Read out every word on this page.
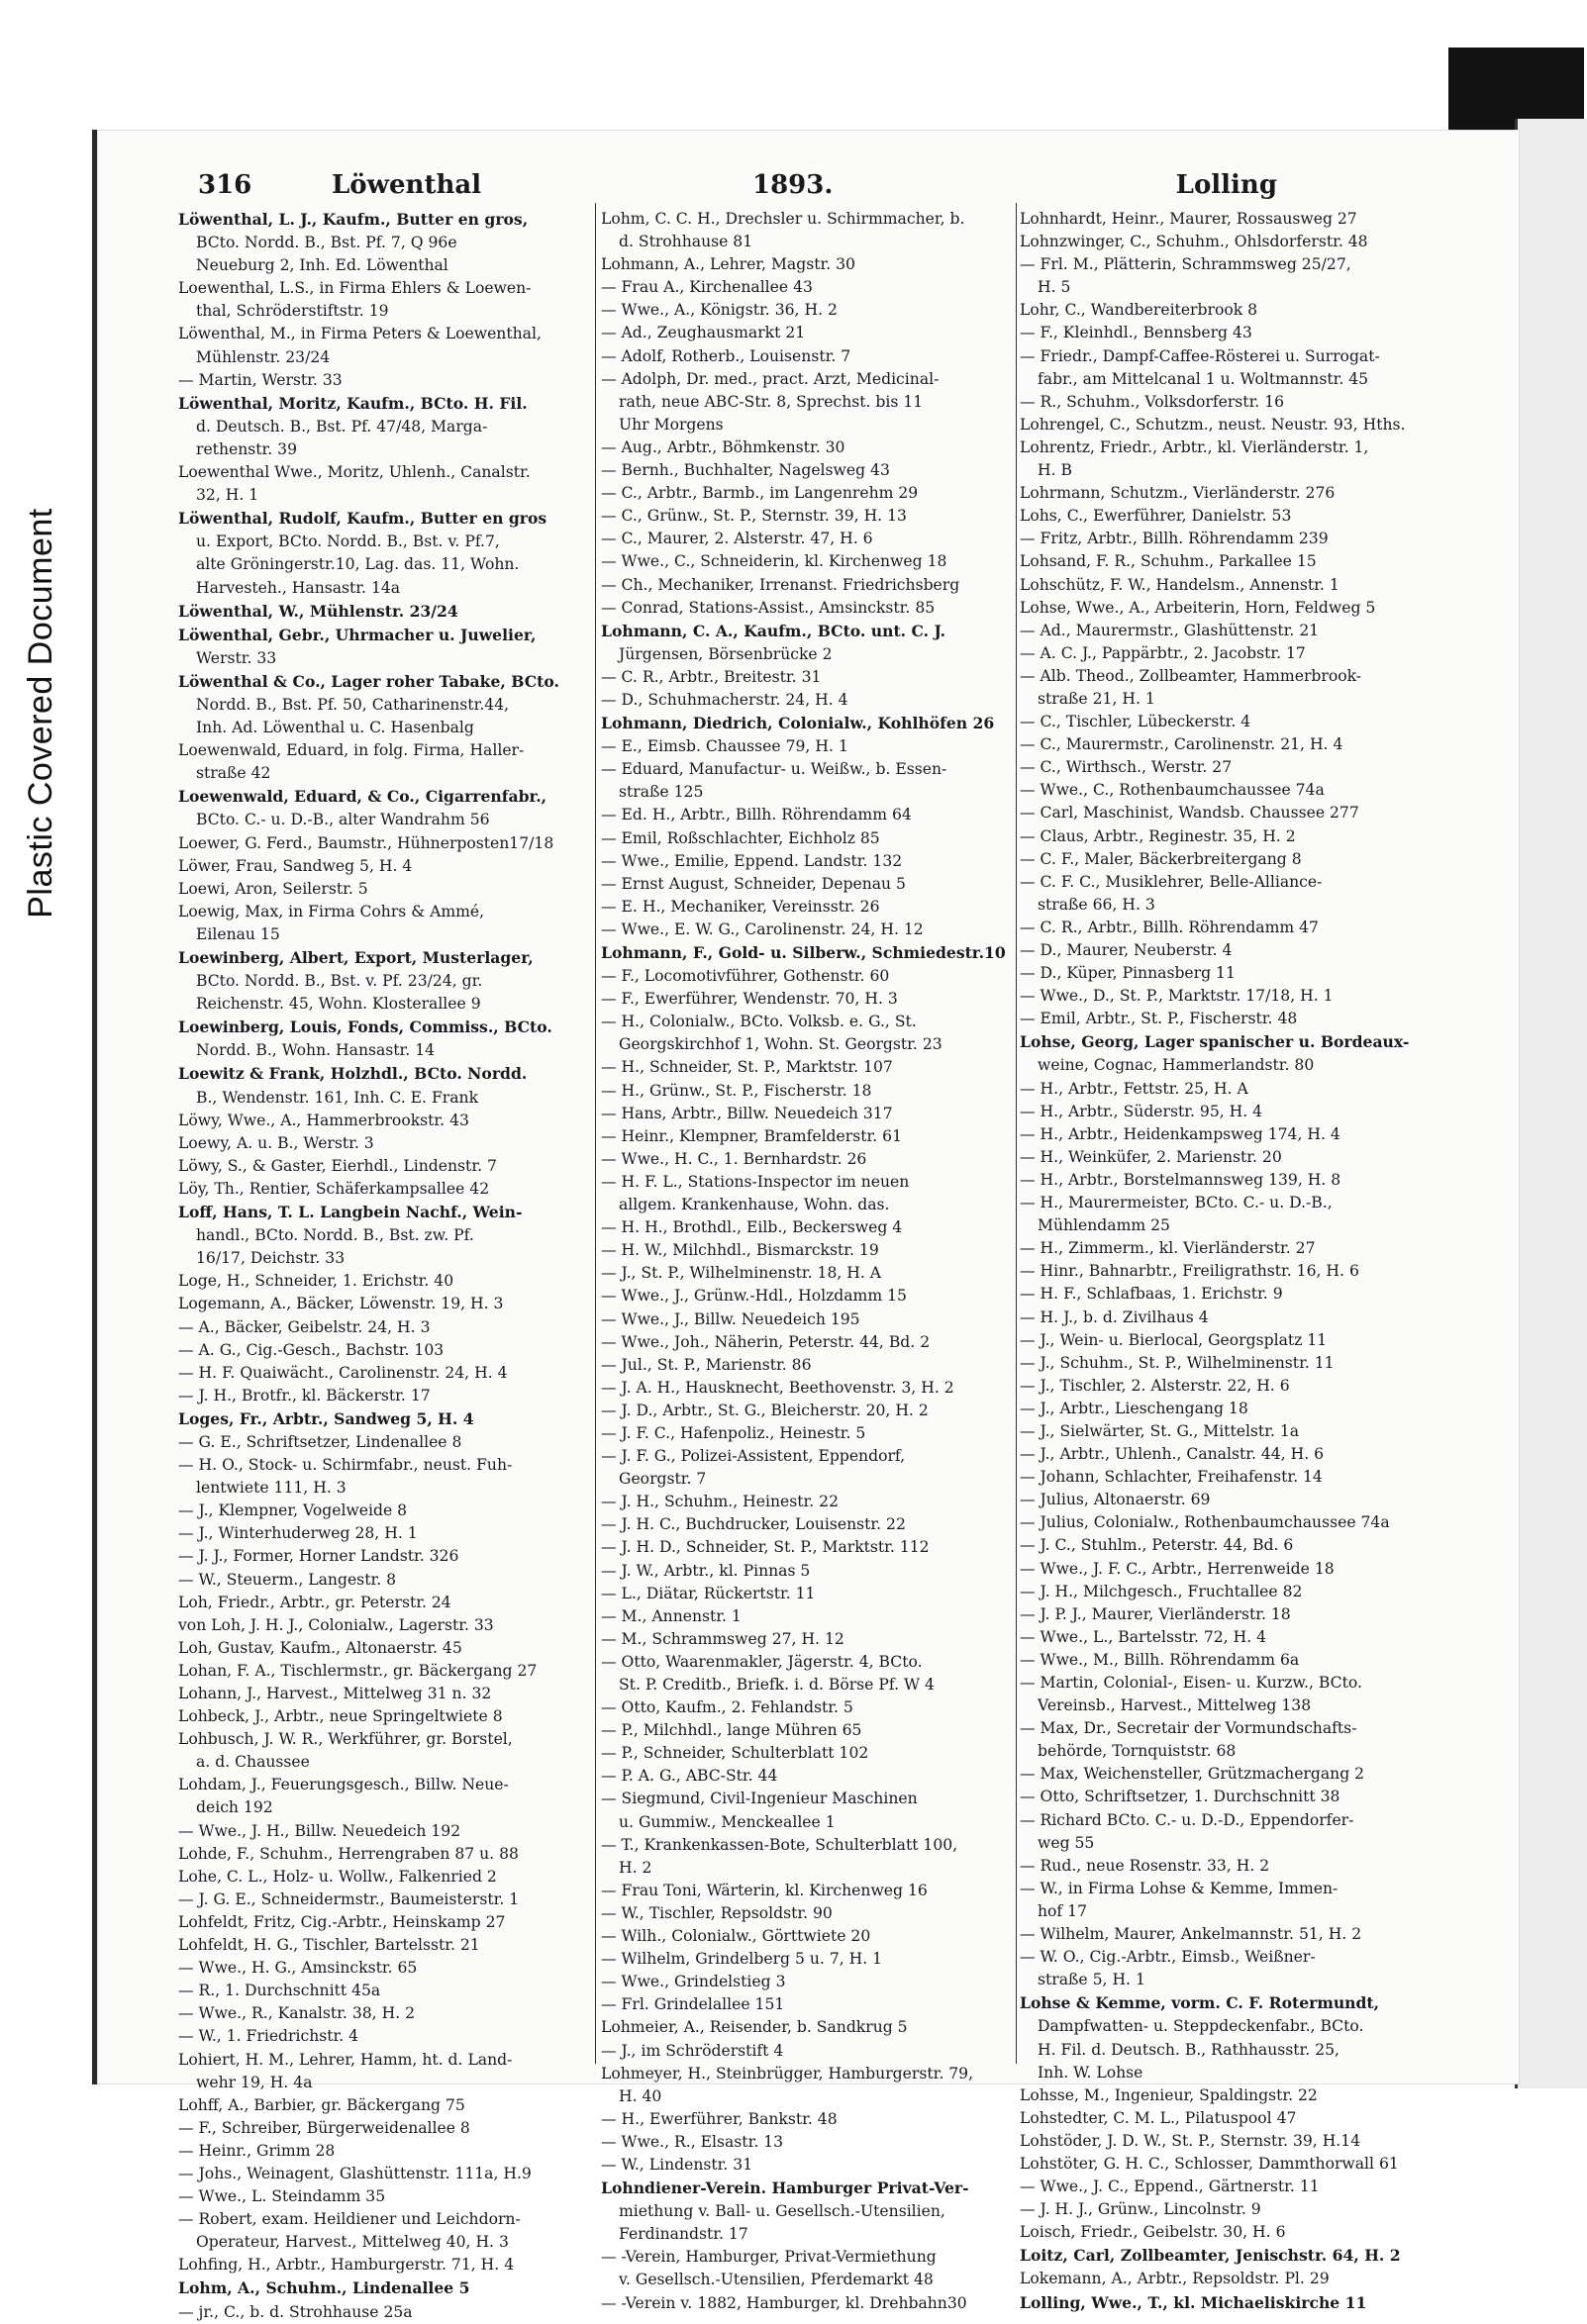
Plastic Covered Document
316	Löwenthal	1893.	Lolling
Löwenthal, L. J., Kaufm., Butter en gros,
BCto. Nordd. B., Bst. Pf. 7, Q 96e
Neueburg 2, Inh. Ed. Löwenthal
Loewenthal, L.S., in Firma Ehlers & Loewen-
thal, Schröderstiftstr. 19
Löwenthal, M., in Firma Peters & Loewenthal,
Mühlenstr. 23/24
— Martin, Werstr. 33
Löwenthal, Moritz, Kaufm., BCto. H. Fil.
d. Deutsch. B., Bst. Pf. 47/48, Marga-
rethenstr. 39
Loewenthal Wwe., Moritz, Uhlenh., Canalstr.
32, H. 1
Löwenthal, Rudolf, Kaufm., Butter en gros
u. Export, BCto. Nordd. B., Bst. v. Pf.7,
alte Gröningerstr.10, Lag. das. 11, Wohn.
Harvestеh., Hansastr. 14a
Löwenthal, W., Mühlenstr. 23/24
Löwenthal, Gebr., Uhrmacher u. Juwelier,
Werstr. 33
Löwenthal & Co., Lager roher Tabake, BCto.
Nordd. B., Bst. Pf. 50, Catharinenstr.44,
Inh. Ad. Löwenthal u. C. Hasenbalg
Loewenwald, Eduard, in folg. Firma, Haller-
straße 42
Loewenwald, Eduard, & Co., Cigarrenfabr.,
BCto. C.- u. D.-B., alter Wandrahm 56
Loewer, G. Ferd., Baumstr., Hühnerposten17/18
Löwer, Frau, Sandweg 5, H. 4
Loewi, Aron, Seilerstr. 5
Loewig, Max, in Firma Cohrs & Ammé,
Eilenau 15
Loewinberg, Albert, Export, Musterlager,
BCto. Nordd. B., Bst. v. Pf. 23/24, gr.
Reichenstr. 45, Wohn. Klosterallee 9
Loewinberg, Louis, Fonds, Commiss., BCto.
Nordd. B., Wohn. Hansastr. 14
Loewitz & Frank, Holzhdl., BCto. Nordd.
B., Wendenstr. 161, Inh. C. E. Frank
Löwy, Wwe., A., Hammerbrookstr. 43
Loewy, A. u. B., Werstr. 3
Löwy, S., & Gaster, Eierhdl., Lindenstr. 7
Löy, Th., Rentier, Schäferkampsallee 42
Loff, Hans, T. L. Langbein Nachf., Wein-
handl., BCto. Nordd. B., Bst. zw. Pf.
16/17, Deichstr. 33
Loge, H., Schneider, 1. Erichstr. 40
Logemann, A., Bäcker, Löwenstr. 19, H. 3
— A., Bäcker, Geibelstr. 24, H. 3
— A. G., Cig.-Gesch., Bachstr. 103
— H. F. Quaiwächt., Carolinenstr. 24, H. 4
— J. H., Brotfr., kl. Bäckerstr. 17
Loges, Fr., Arbtr., Sandweg 5, H. 4
— G. E., Schriftsetzer, Lindenallee 8
— H. O., Stock- u. Schirmfabr., neust. Fuh-
lentwiete 111, H. 3
— J., Klempner, Vogelweide 8
— J., Winterhuderweg 28, H. 1
— J. J., Former, Horner Landstr. 326
— W., Steuerm., Langestr. 8
Loh, Friedr., Arbtr., gr. Peterstr. 24
von Loh, J. H. J., Colonialw., Lagerstr. 33
Loh, Gustav, Kaufm., Altonaerstr. 45
Lohan, F. A., Tischlermstr., gr. Bäckergang 27
Lohann, J., Harvest., Mittelweg 31 n. 32
Lohbeck, J., Arbtr., neue Springeltwiete 8
Lohbusch, J. W. R., Werkführer, gr. Borstel,
a. d. Chaussee
Lohdam, J., Feuerungsgesch., Billw. Neue-
deich 192
— Wwe., J. H., Billw. Neuedeich 192
Lohde, F., Schuhm., Herrengraben 87 u. 88
Lohe, C. L., Holz- u. Wollw., Falkenried 2
— J. G. E., Schneidermstr., Baumeisterstr. 1
Lohfeldt, Fritz, Cig.-Arbtr., Heinskamp 27
Lohfeldt, H. G., Tischler, Bartelsstr. 21
— Wwe., H. G., Amsinckstr. 65
— R., 1. Durchschnitt 45a
— Wwe., R., Kanalstr. 38, H. 2
— W., 1. Friedrichstr. 4
Lohiert, H. M., Lehrer, Hamm, ht. d. Land-
wehr 19, H. 4a
Lohff, A., Barbier, gr. Bäckergang 75
— F., Schreiber, Bürgerweidenallee 8
— Heinr., Grimm 28
— Johs., Weinagent, Glashüttenstr. 111a, H.9
— Wwe., L. Steindamm 35
— Robert, exam. Heildiener und Leichdorn-
Operateur, Harvest., Mittelweg 40, H. 3
Lohfing, H., Arbtr., Hamburgerstr. 71, H. 4
Lohm, A., Schuhm., Lindenallee 5
— jr., C., b. d. Strohhause 25a
Lohm, C. C. H., Drechsler u. Schirmmacher, b.
d. Strohhause 81
Lohmann, A., Lehrer, Magstr. 30
— Frau A., Kirchenallee 43
— Wwe., A., Königstr. 36, H. 2
— Ad., Zeughausmarkt 21
— Adolf, Rotherb., Louisenstr. 7
— Adolph, Dr. med., pract. Arzt, Medicinal-
rath, neue ABC-Str. 8, Sprechst. bis 11
Uhr Morgens
— Aug., Arbtr., Böhmkenstr. 30
— Bernh., Buchhalter, Nagelsweg 43
— C., Arbtr., Barmb., im Langenrehm 29
— C., Grünw., St. P., Sternstr. 39, H. 13
— C., Maurer, 2. Alsterstr. 47, H. 6
— Wwe., C., Schneiderin, kl. Kirchenweg 18
— Ch., Mechaniker, Irrenanst. Friedrichsberg
— Conrad, Stations-Assist., Amsinckstr. 85
Lohmann, C. A., Kaufm., BCto. unt. C. J.
Jürgensen, Börsenbrücke 2
— C. R., Arbtr., Breitestr. 31
— D., Schuhmacherstr. 24, H. 4
Lohmann, Diedrich, Colonialw., Kohlhöfen 26
— E., Eimsb. Chaussee 79, H. 1
— Eduard, Manufactur- u. Weißw., b. Essen-
straße 125
— Ed. H., Arbtr., Billh. Röhrendamm 64
— Emil, Roßschlachter, Eichholz 85
— Wwe., Emilie, Eppend. Landstr. 132
— Ernst August, Schneider, Depenau 5
— E. H., Mechaniker, Vereinsstr. 26
— Wwe., E. W. G., Carolinenstr. 24, H. 12
Lohmann, F., Gold- u. Silberw., Schmiedestr.10
— F., Locomotivführer, Gothenstr. 60
— F., Ewerführer, Wendenstr. 70, H. 3
— H., Colonialw., BCto. Volksb. e. G., St.
Georgskirchhof 1, Wohn. St. Georgstr. 23
— H., Schneider, St. P., Marktstr. 107
— H., Grünw., St. P., Fischerstr. 18
— Hans, Arbtr., Billw. Neuedeich 317
— Heinr., Klempner, Bramfelderstr. 61
— Wwe., H. C., 1. Bernhardstr. 26
— H. F. L., Stations-Inspector im neuen
allgem. Krankenhause, Wohn. das.
— H. H., Brothdl., Eilb., Beckersweg 4
— H. W., Milchhdl., Bismarckstr. 19
— J., St. P., Wilhelminenstr. 18, H. A
— Wwe., J., Grünw.-Hdl., Holzdamm 15
— Wwe., J., Billw. Neuedeich 195
— Wwe., Joh., Näherin, Peterstr. 44, Bd. 2
— Jul., St. P., Marienstr. 86
— J. A. H., Hausknecht, Beethovenstr. 3, H. 2
— J. D., Arbtr., St. G., Bleicherstr. 20, H. 2
— J. F. C., Hafenpoliz., Heinestr. 5
— J. F. G., Polizei-Assistent, Eppendorf,
Georgstr. 7
— J. H., Schuhm., Heinestr. 22
— J. H. C., Buchdrucker, Louisenstr. 22
— J. H. D., Schneider, St. P., Marktstr. 112
— J. W., Arbtr., kl. Pinnas 5
— L., Diätar, Rückertstr. 11
— M., Annenstr. 1
— M., Schrammsweg 27, H. 12
— Otto, Waarenmakler, Jägerstr. 4, BCto.
St. P. Creditb., Briefk. i. d. Börse Pf. W 4
— Otto, Kaufm., 2. Fehlandstr. 5
— P., Milchhdl., lange Mühren 65
— P., Schneider, Schulterblatt 102
— P. A. G., ABC-Str. 44
— Siegmund, Civil-Ingenieur Maschinen
u. Gummiw., Menckeallee 1
— T., Krankenkassen-Bote, Schulterblatt 100,
H. 2
— Frau Toni, Wärterin, kl. Kirchenweg 16
— W., Tischler, Repsoldstr. 90
— Wilh., Colonialw., Görttwiete 20
— Wilhelm, Grindelberg 5 u. 7, H. 1
— Wwe., Grindelstieg 3
— Frl. Grindelallee 151
Lohmeier, A., Reisender, b. Sandkrug 5
— J., im Schröderstift 4
Lohmeyer, H., Steinbrügger, Hamburgerstr. 79,
H. 40
— H., Ewerführer, Bankstr. 48
— Wwe., R., Elsastr. 13
— W., Lindenstr. 31
Lohndiener-Verein. Hamburger Privat-Ver-
miethung v. Ball- u. Gesellsch.-Utensilien,
Ferdinandstr. 17
— -Verein, Hamburger, Privat-Vermiethung
v. Gesellsch.-Utensilien, Pferdemarkt 48
— -Verein v. 1882, Hamburger, kl. Drehbahn30
Lohnhardt, Heinr., Maurer, Rossausweg 27
Lohnzwinger, C., Schuhm., Ohlsdorferstr. 48
— Frl. M., Plätterin, Schrammsweg 25/27,
H. 5
Lohr, C., Wandbereiterbrook 8
— F., Kleinhdl., Bennsberg 43
— Friedr., Dampf-Caffee-Rösterei u. Surrogat-
fabr., am Mittelcanal 1 u. Woltmannstr. 45
— R., Schuhm., Volksdorferstr. 16
Lohrengel, C., Schutzm., neust. Neustr. 93, Hths.
Lohrentz, Friedr., Arbtr., kl. Vierländerstr. 1,
H. B
Lohrmann, Schutzm., Vierländerstr. 276
Lohs, C., Ewerführer, Danielstr. 53
— Fritz, Arbtr., Billh. Röhrendamm 239
Lohsand, F. R., Schuhm., Parkallee 15
Lohschütz, F. W., Handelsm., Annenstr. 1
Lohse, Wwe., A., Arbeiterin, Horn, Feldweg 5
— Ad., Maurermstr., Glashüttenstr. 21
— A. C. J., Pappärbtr., 2. Jacobstr. 17
— Alb. Theod., Zollbeamter, Hammerbrook-
straße 21, H. 1
— C., Tischler, Lübeckerstr. 4
— C., Maurermstr., Carolinenstr. 21, H. 4
— C., Wirthsch., Werstr. 27
— Wwe., C., Rothenbaumchaussee 74a
— Carl, Maschinist, Wandsb. Chaussee 277
— Claus, Arbtr., Reginestr. 35, H. 2
— C. F., Maler, Bäckerbreitergang 8
— C. F. C., Musiklehrer, Belle-Alliance-
straße 66, H. 3
— C. R., Arbtr., Billh. Röhrendamm 47
— D., Maurer, Neuberstr. 4
— D., Küper, Pinnasberg 11
— Wwe., D., St. P., Marktstr. 17/18, H. 1
— Emil, Arbtr., St. P., Fischerstr. 48
Lohse, Georg, Lager spanischer u. Bordeaux-
weine, Cognac, Hammerlandstr. 80
— H., Arbtr., Fettstr. 25, H. A
— H., Arbtr., Süderstr. 95, H. 4
— H., Arbtr., Heidenkampsweg 174, H. 4
— H., Weinküfer, 2. Marienstr. 20
— H., Arbtr., Borstelmannsweg 139, H. 8
— H., Maurermeister, BCto. C.- u. D.-B.,
Mühlendamm 25
— H., Zimmerm., kl. Vierländerstr. 27
— Hinr., Bahnarbtr., Freiligrathstr. 16, H. 6
— H. F., Schlafbaas, 1. Erichstr. 9
— H. J., b. d. Zivilhaus 4
— J., Wein- u. Bierlocal, Georgsplatz 11
— J., Schuhm., St. P., Wilhelminenstr. 11
— J., Tischler, 2. Alsterstr. 22, H. 6
— J., Arbtr., Lieschengang 18
— J., Sielwärter, St. G., Mittelstr. 1a
— J., Arbtr., Uhlenh., Canalstr. 44, H. 6
— Johann, Schlachter, Freihafenstr. 14
— Julius, Altonaerstr. 69
— Julius, Colonialw., Rothenbaumchaussee 74a
— J. C., Stuhlm., Peterstr. 44, Bd. 6
— Wwe., J. F. C., Arbtr., Herrenweide 18
— J. H., Milchgesch., Fruchtallee 82
— J. P. J., Maurer, Vierländerstr. 18
— Wwe., L., Bartelsstr. 72, H. 4
— Wwe., M., Billh. Röhrendamm 6a
— Martin, Colonial-, Eisen- u. Kurzw., BCto.
Vereinsb., Harvest., Mittelweg 138
— Max, Dr., Secretair der Vormundschafts-
behörde, Tornquiststr. 68
— Max, Weichensteller, Grützmachergang 2
— Otto, Schriftsetzer, 1. Durchschnitt 38
— Richard BCto. C.- u. D.-D., Eppendorfer-
weg 55
— Rud., neue Rosenstr. 33, H. 2
— W., in Firma Lohse & Kemme, Immen-
hof 17
— Wilhelm, Maurer, Ankelmannstr. 51, H. 2
— W. O., Cig.-Arbtr., Eimsb., Weißner-
straße 5, H. 1
Lohse & Kemme, vorm. C. F. Rotermundt,
Dampfwatten- u. Steppdeckenfabr., BCto.
H. Fil. d. Deutsch. B., Rathhausstr. 25,
Inh. W. Lohse
Lohsse, M., Ingenieur, Spaldingstr. 22
Lohstedter, C. M. L., Pilatuspool 47
Lohstöder, J. D. W., St. P., Sternstr. 39, H.14
Lohstöter, G. H. C., Schlosser, Dammthorwall 61
— Wwe., J. C., Eppend., Gärtnerstr. 11
— J. H. J., Grünw., Lincolnstr. 9
Loisch, Friedr., Geibelstr. 30, H. 6
Loitz, Carl, Zollbeamter, Jenischstr. 64, H. 2
Lokemann, A., Arbtr., Repsoldstr. Pl. 29
Lolling, Wwe., T., kl. Michaeliskirche 11
